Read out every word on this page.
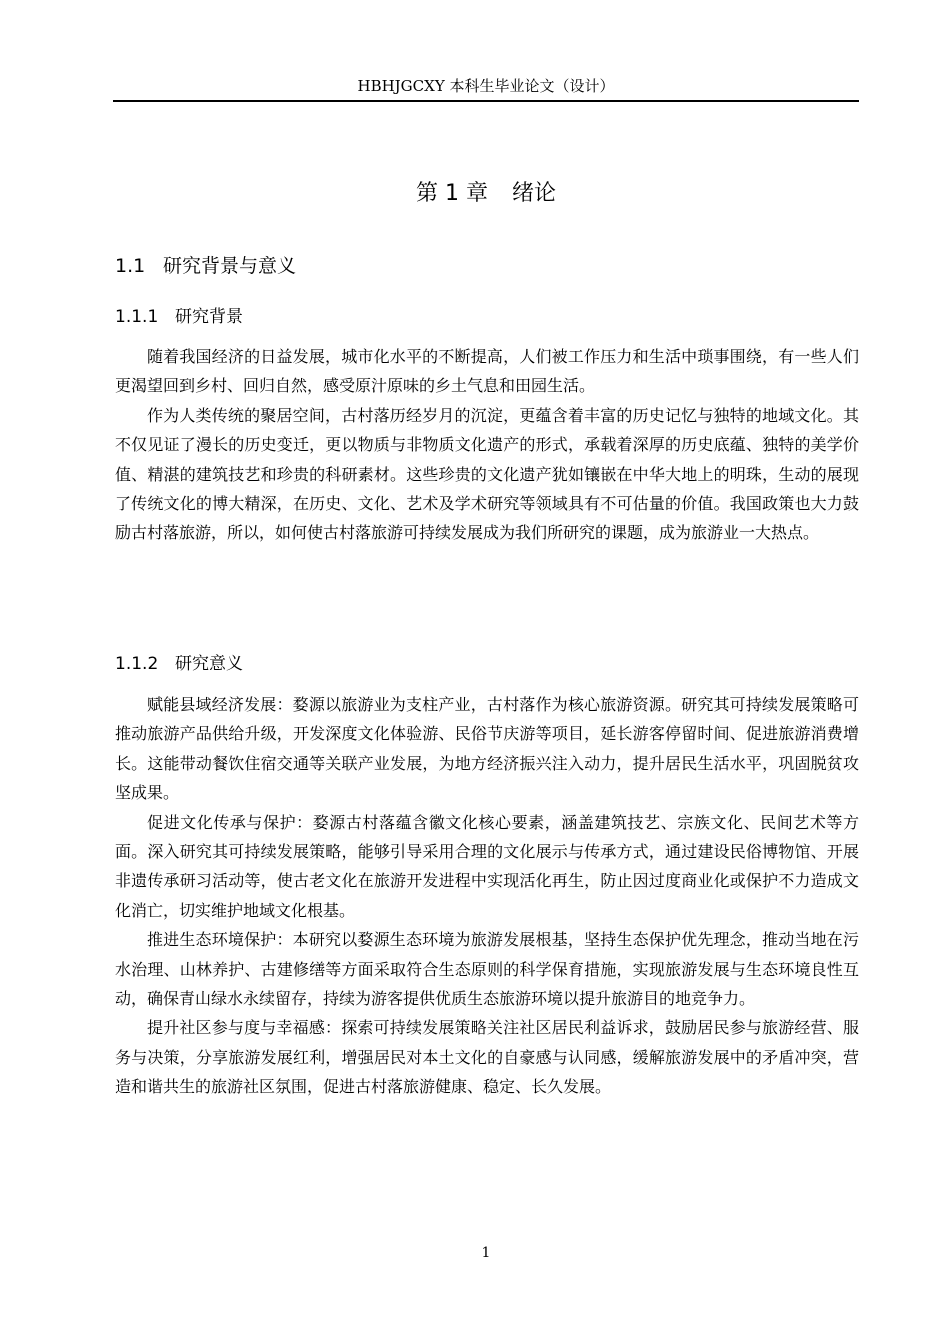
HBHJGCXY 本科生毕业论文（设计）
第 1 章 绪论
1.1 研究背景与意义
1.1.1 研究背景

随着我国经济的日益发展，城市化水平的不断提高，人们被工作压力和生活中琐事围绕，有一些人们更渴望回到乡村、回归自然，感受原汁原味的乡土气息和田园生活。

作为人类传统的聚居空间，古村落历经岁月的沉淀，更蕴含着丰富的历史记忆与独特的地域文化。其不仅见证了漫长的历史变迁，更以物质与非物质文化遗产的形式，承载着深厚的历史底蕴、独特的美学价值、精湛的建筑技艺和珍贵的科研素材。这些珍贵的文化遗产犹如镶嵌在中华大地上的明珠，生动的展现了传统文化的博大精深，在历史、文化、艺术及学术研究等领域具有不可估量的价值。我国政策也大力鼓励古村落旅游，所以，如何使古村落旅游可持续发展成为我们所研究的课题，成为旅游业一大热点。

1.1.2 研究意义

赋能县域经济发展：婺源以旅游业为支柱产业，古村落作为核心旅游资源。研究其可持续发展策略可推动旅游产品供给升级，开发深度文化体验游、民俗节庆游等项目，延长游客停留时间、促进旅游消费增长。这能带动餐饮住宿交通等关联产业发展，为地方经济振兴注入动力，提升居民生活水平，巩固脱贫攻坚成果。

促进文化传承与保护：婺源古村落蕴含徽文化核心要素，涵盖建筑技艺、宗族文化、民间艺术等方面。深入研究其可持续发展策略，能够引导采用合理的文化展示与传承方式，通过建设民俗博物馆、开展非遗传承研习活动等，使古老文化在旅游开发进程中实现活化再生，防止因过度商业化或保护不力造成文化消亡，切实维护地域文化根基。

推进生态环境保护：本研究以婺源生态环境为旅游发展根基，坚持生态保护优先理念，推动当地在污水治理、山林养护、古建修缮等方面采取符合生态原则的科学保育措施，实现旅游发展与生态环境良性互动，确保青山绿水永续留存，持续为游客提供优质生态旅游环境以提升旅游目的地竞争力。

提升社区参与度与幸福感：探索可持续发展策略关注社区居民利益诉求，鼓励居民参与旅游经营、服务与决策，分享旅游发展红利，增强居民对本土文化的自豪感与认同感，缓解旅游发展中的矛盾冲突，营造和谐共生的旅游社区氛围，促进古村落旅游健康、稳定、长久发展。

1
